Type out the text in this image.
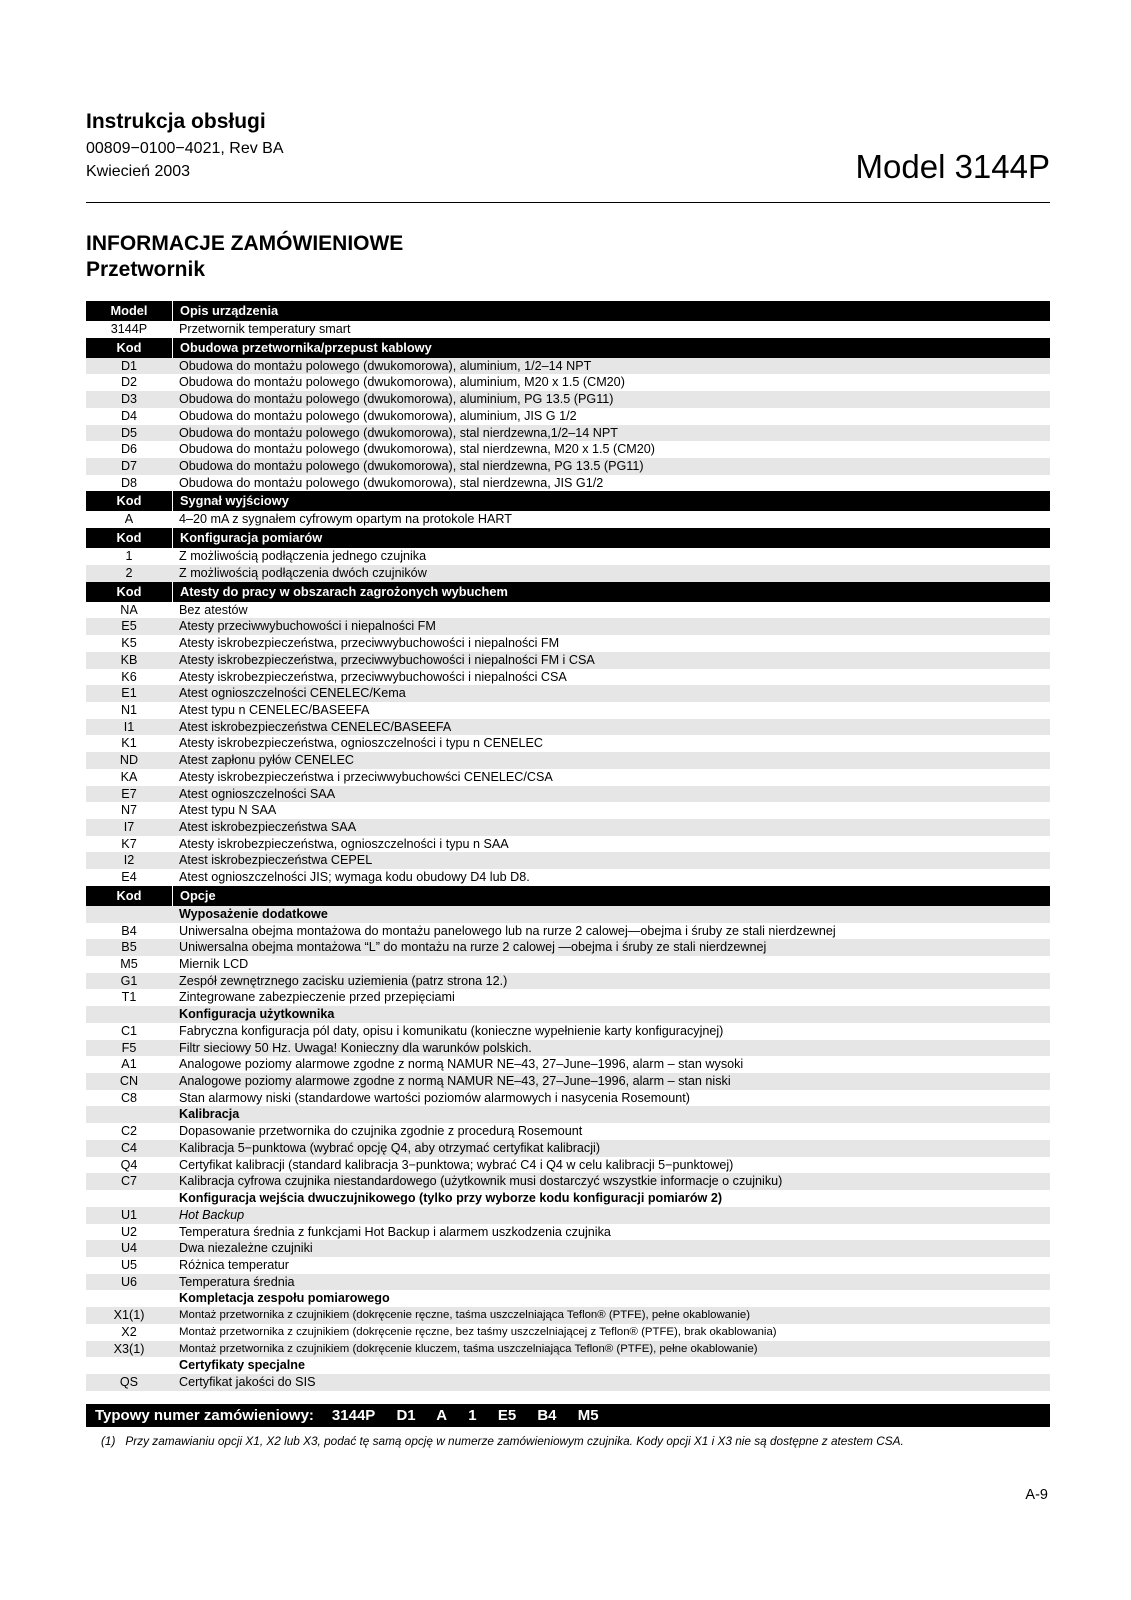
Instrukcja obsługi
00809−0100−4021, Rev BA
Kwiecień 2003	Model 3144P
INFORMACJE ZAMÓWIENIOWE
Przetwornik
Model	Opis urządzenia
3144P	Przetwornik temperatury smart
Kod	Obudowa przetwornika/przepust kablowy
D1	Obudowa do montażu polowego (dwukomorowa), aluminium, 1/2–14 NPT
D2	Obudowa do montażu polowego (dwukomorowa), aluminium, M20 x 1.5 (CM20)
D3	Obudowa do montażu polowego (dwukomorowa), aluminium, PG 13.5 (PG11)
D4	Obudowa do montażu polowego (dwukomorowa), aluminium, JIS G 1/2
D5	Obudowa do montażu polowego (dwukomorowa), stal nierdzewna,1/2–14 NPT
D6	Obudowa do montażu polowego (dwukomorowa), stal nierdzewna, M20 x 1.5 (CM20)
D7	Obudowa do montażu polowego (dwukomorowa), stal nierdzewna, PG 13.5 (PG11)
D8	Obudowa do montażu polowego (dwukomorowa), stal nierdzewna, JIS G1/2
Kod	Sygnał wyjściowy
A	4–20 mA z sygnałem cyfrowym opartym na protokole HART
Kod	Konfiguracja pomiarów
1	Z możliwością podłączenia jednego czujnika
2	Z możliwością podłączenia dwóch czujników
Kod	Atesty do pracy w obszarach zagrożonych wybuchem
NA	Bez atestów
E5	Atesty przeciwwybuchowości i niepalności FM
K5	Atesty iskrobezpieczeństwa, przeciwwybuchowości i niepalności FM
KB	Atesty iskrobezpieczeństwa, przeciwwybuchowości i niepalności FM i CSA
K6	Atesty iskrobezpieczeństwa, przeciwwybuchowości i niepalności CSA
E1	Atest ognioszczelności CENELEC/Kema
N1	Atest typu n CENELEC/BASEEFA
I1	Atest iskrobezpieczeństwa CENELEC/BASEEFA
K1	Atesty iskrobezpieczeństwa, ognioszczelności i typu n CENELEC
ND	Atest zapłonu pyłów CENELEC
KA	Atesty iskrobezpieczeństwa i przeciwwybuchowści CENELEC/CSA
E7	Atest ognioszczelności SAA
N7	Atest typu N SAA
I7	Atest iskrobezpieczeństwa SAA
K7	Atesty iskrobezpieczeństwa, ognioszczelności i typu n SAA
I2	Atest iskrobezpieczeństwa CEPEL
E4	Atest ognioszczelności JIS; wymaga kodu obudowy D4 lub D8.
Kod	Opcje
Wyposażenie dodatkowe
B4	Uniwersalna obejma montażowa do montażu panelowego lub na rurze 2 calowej—obejma i śruby ze stali nierdzewnej
B5	Uniwersalna obejma montażowa “L” do montażu na rurze 2 calowej —obejma i śruby ze stali nierdzewnej
M5	Miernik LCD
G1	Zespół zewnętrznego zacisku uziemienia (patrz strona 12.)
T1	Zintegrowane zabezpieczenie przed przepięciami
Konfiguracja użytkownika
C1	Fabryczna konfiguracja pól daty, opisu i komunikatu (konieczne wypełnienie karty konfiguracyjnej)
F5	Filtr sieciowy 50 Hz. Uwaga! Konieczny dla warunków polskich.
A1	Analogowe poziomy alarmowe zgodne z normą NAMUR NE–43, 27–June–1996, alarm – stan wysoki
CN	Analogowe poziomy alarmowe zgodne z normą NAMUR NE–43, 27–June–1996, alarm – stan niski
C8	Stan alarmowy niski (standardowe wartości poziomów alarmowych i nasycenia Rosemount)
Kalibracja
C2	Dopasowanie przetwornika do czujnika zgodnie z procedurą Rosemount
C4	Kalibracja 5−punktowa (wybrać opcję Q4, aby otrzymać certyfikat kalibracji)
Q4	Certyfikat kalibracji (standard kalibracja 3−punktowa; wybrać C4 i Q4 w celu kalibracji 5−punktowej)
C7	Kalibracja cyfrowa czujnika niestandardowego (użytkownik musi dostarczyć wszystkie informacje o czujniku)
Konfiguracja wejścia dwuczujnikowego (tylko przy wyborze kodu konfiguracji pomiarów 2)
U1	Hot Backup
U2	Temperatura średnia z funkcjami Hot Backup i alarmem uszkodzenia czujnika
U4	Dwa niezależne czujniki
U5	Różnica temperatur
U6	Temperatura średnia
Kompletacja zespołu pomiarowego
X1(1)	Montaż przetwornika z czujnikiem (dokręcenie ręczne, taśma uszczelniająca Teflon® (PTFE), pełne okablowanie)
X2	Montaż przetwornika z czujnikiem (dokręcenie ręczne, bez taśmy uszczelniającej z Teflon® (PTFE), brak okablowania)
X3(1)	Montaż przetwornika z czujnikiem (dokręcenie kluczem, taśma uszczelniająca Teflon® (PTFE), pełne okablowanie)
Certyfikaty specjalne
QS	Certyfikat jakości do SIS
Typowy numer zamówieniowy: 3144P D1 A 1 E5 B4 M5
(1) Przy zamawianiu opcji X1, X2 lub X3, podać tę samą opcję w numerze zamówieniowym czujnika. Kody opcji X1 i X3 nie są dostępne z atestem CSA.
A-9
